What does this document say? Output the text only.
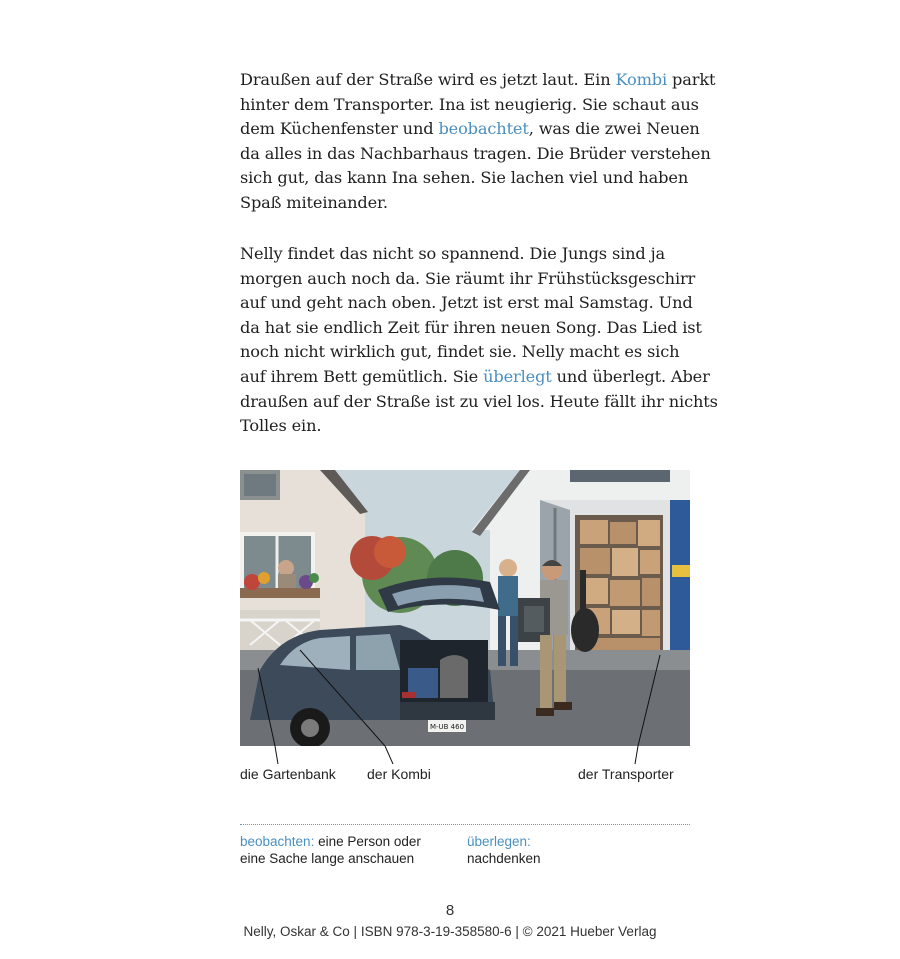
Draußen auf der Straße wird es jetzt laut. Ein Kombi parkt
hinter dem Transporter. Ina ist neugierig. Sie schaut aus
dem Küchenfenster und beobachtet, was die zwei Neuen
da alles in das Nachbarhaus tragen. Die Brüder verstehen
sich gut, das kann Ina sehen. Sie lachen viel und haben
Spaß miteinander.
Nelly findet das nicht so spannend. Die Jungs sind ja
morgen auch noch da. Sie räumt ihr Frühstücksgeschirr
auf und geht nach oben. Jetzt ist erst mal Samstag. Und
da hat sie endlich Zeit für ihren neuen Song. Das Lied ist
noch nicht wirklich gut, findet sie. Nelly macht es sich
auf ihrem Bett gemütlich. Sie überlegt und überlegt. Aber
draußen auf der Straße ist zu viel los. Heute fällt ihr nichts
Tolles ein.
M-UB 460
die Gartenbank der Kombi	der Transporter
beobachten: eine Person oder
eine Sache lange anschauen
überlegen:
nachdenken
8
Nelly, Oskar & Co | ISBN 978-3-19-358580-6 | © 2021 Hueber Verlag
